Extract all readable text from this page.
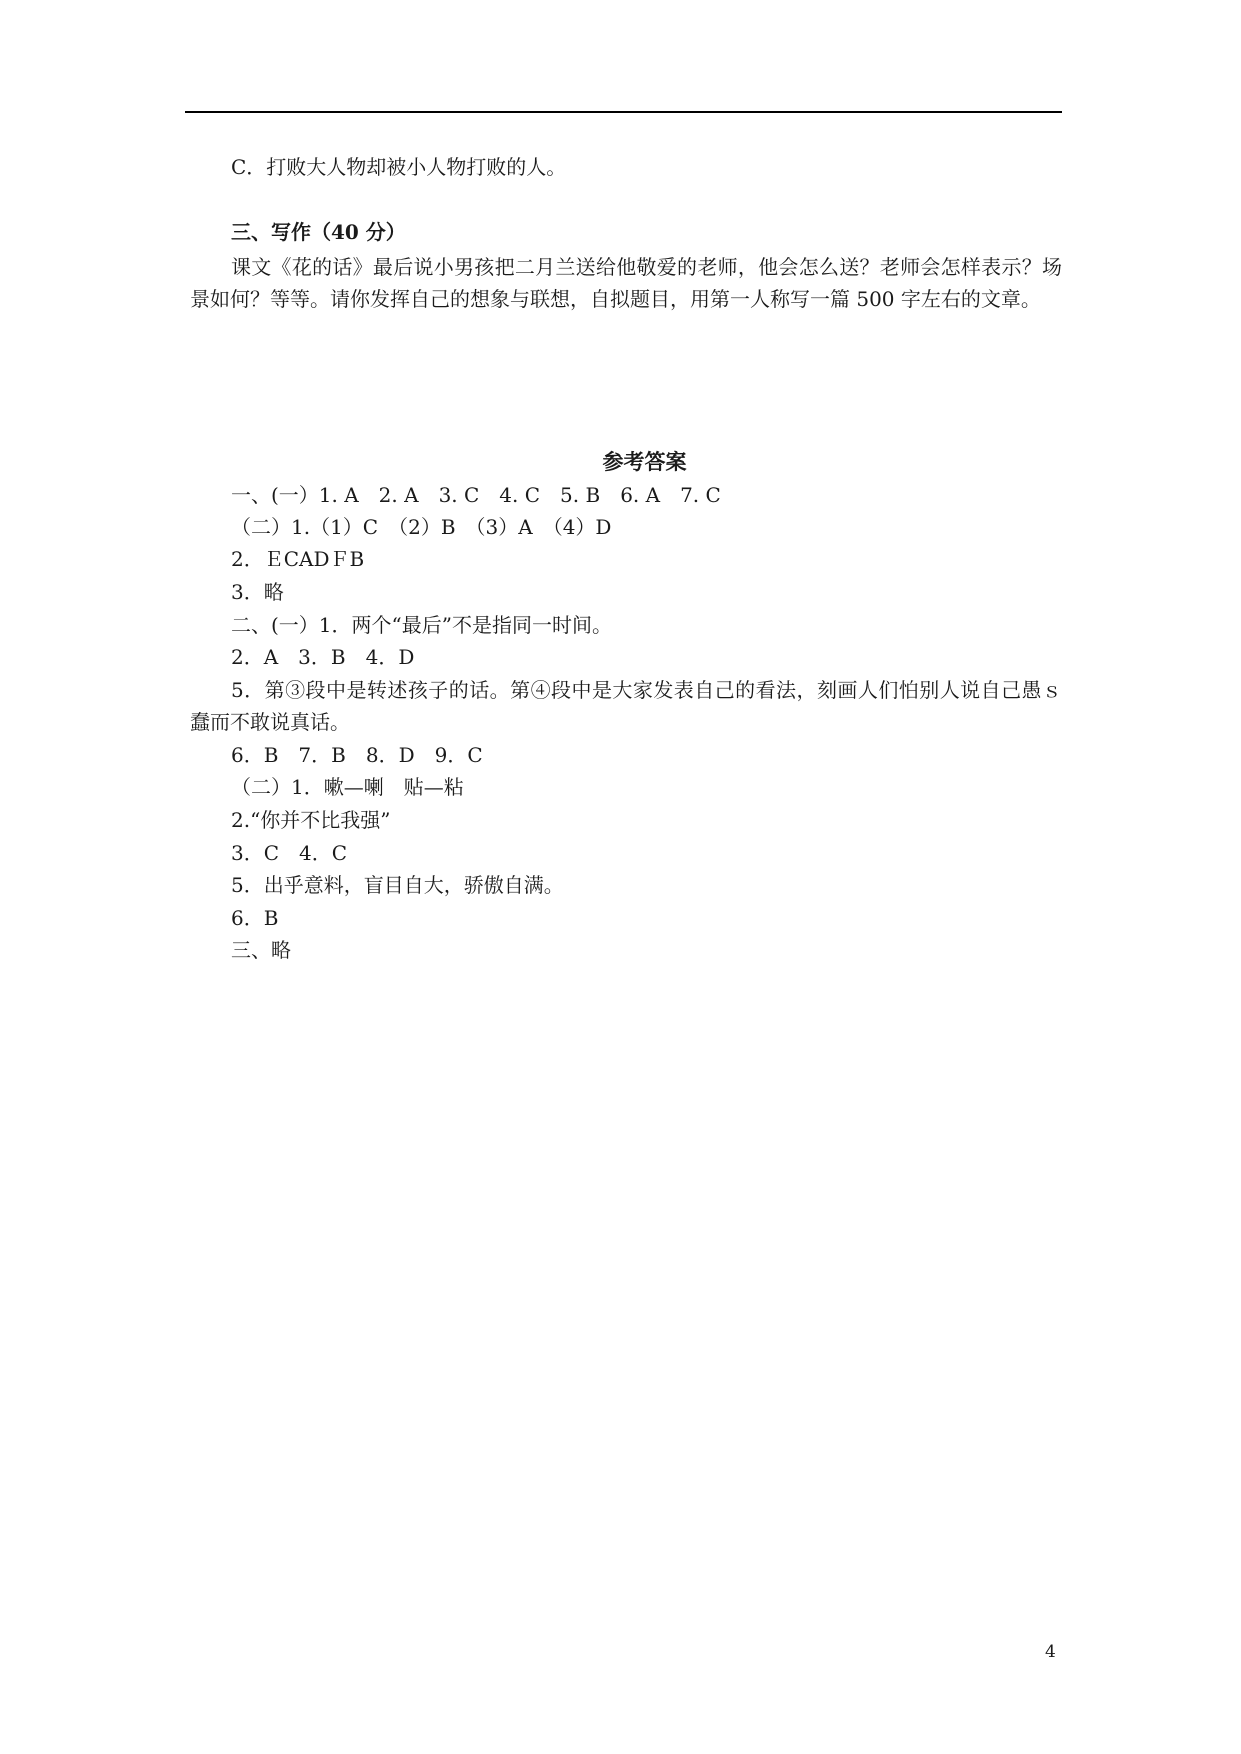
C．打败大人物却被小人物打败的人。
三、写作（40 分）
课文《花的话》最后说小男孩把二月兰送给他敬爱的老师，他会怎么送？老师会怎样表示？场景如何？等等。请你发挥自己的想象与联想，自拟题目，用第一人称写一篇 500 字左右的文章。
参考答案
一、(一）1. A　2. A　3. C　4. C　5. B　6. A　7. C
（二）1.（1）C　（2）B　（3）A　（4）D
2．ＥCADＦB
3．略
二、(一）1．两个“最后”不是指同一时间。
2．A　3．B　4．D
5．第③段中是转述孩子的话。第④段中是大家发表自己的看法，刻画人们怕别人说自己愚ｓ蠢而不敢说真话。
6．B　7．B　8．D　9．C
（二）1．嗽—喇　贴—粘
2.“你并不比我强”
3．C　4．C
5．出乎意料，盲目自大，骄傲自满。
6．B
三、略
4
